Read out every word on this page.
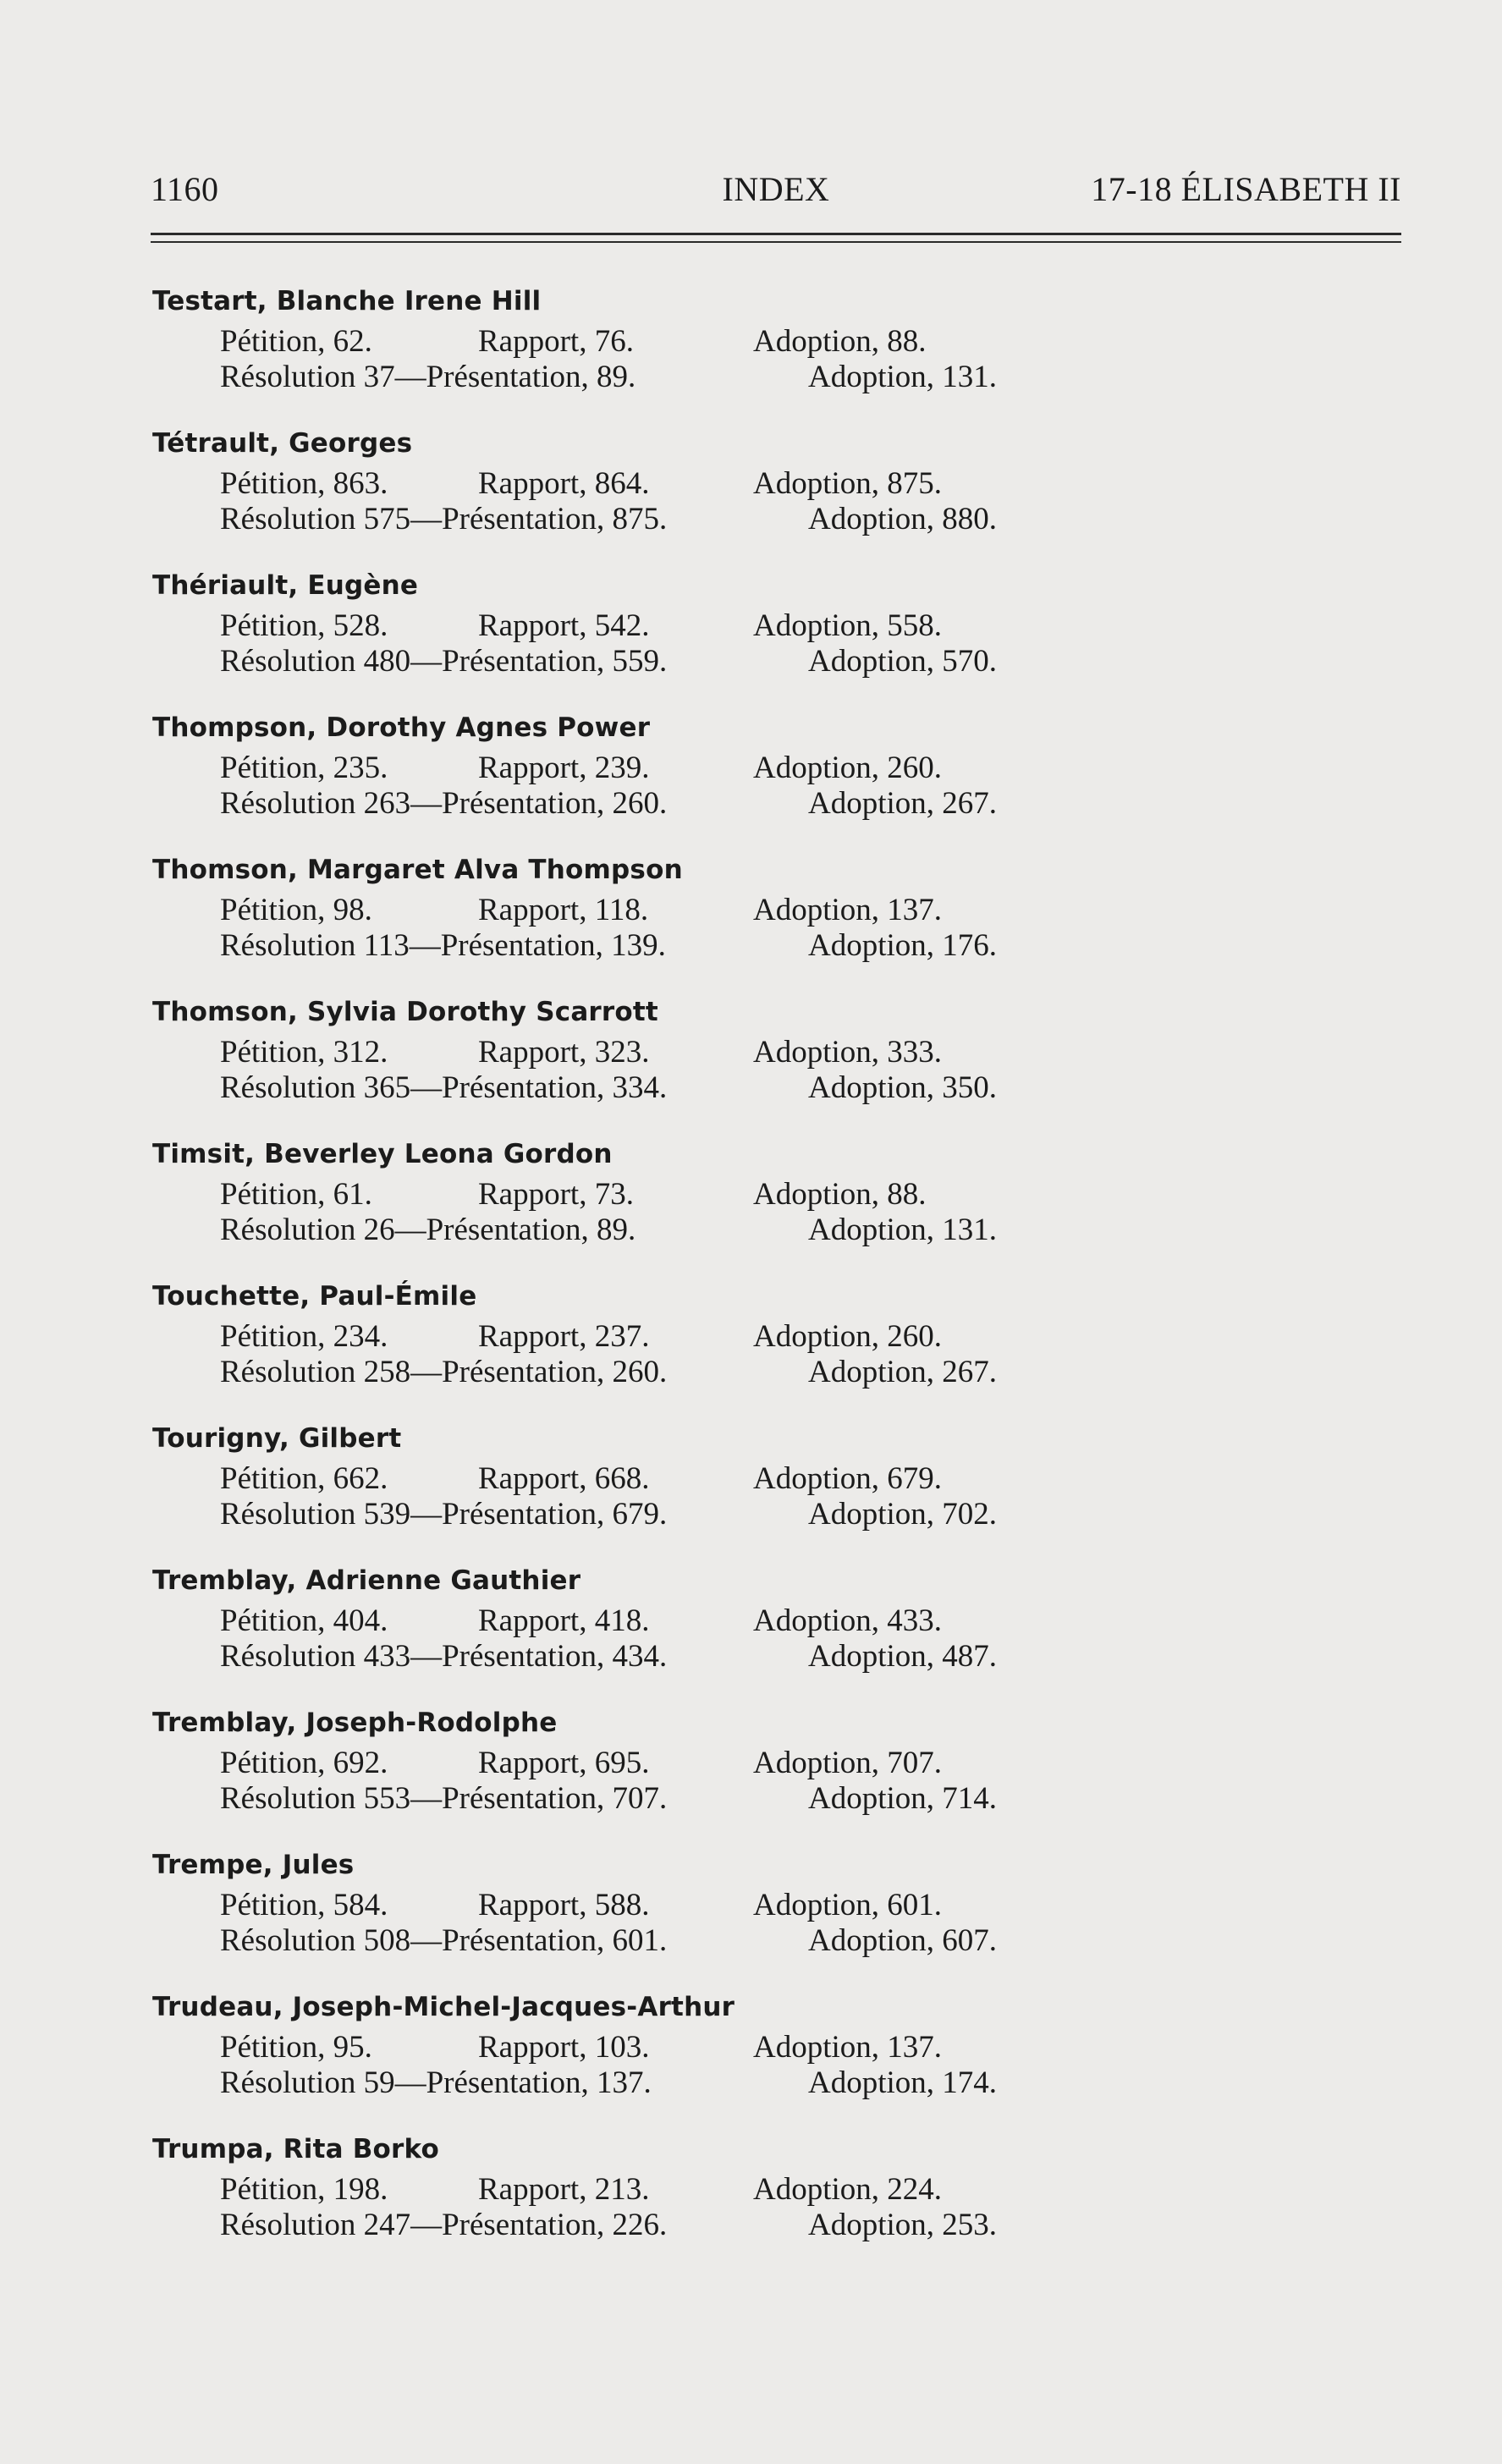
1160	INDEX	17-18 ÉLISABETH II
Testart, Blanche Irene Hill
Pétition, 62.	Rapport, 76.	Adoption, 88.
Résolution 37—Présentation, 89.	Adoption, 131.
Tétrault, Georges
Pétition, 863.	Rapport, 864.	Adoption, 875.
Résolution 575—Présentation, 875.	Adoption, 880.
Thériault, Eugène
Pétition, 528.	Rapport, 542.	Adoption, 558.
Résolution 480—Présentation, 559.	Adoption, 570.
Thompson, Dorothy Agnes Power
Pétition, 235.	Rapport, 239.	Adoption, 260.
Résolution 263—Présentation, 260.	Adoption, 267.
Thomson, Margaret Alva Thompson
Pétition, 98.	Rapport, 118.	Adoption, 137.
Résolution 113—Présentation, 139.	Adoption, 176.
Thomson, Sylvia Dorothy Scarrott
Pétition, 312.	Rapport, 323.	Adoption, 333.
Résolution 365—Présentation, 334.	Adoption, 350.
Timsit, Beverley Leona Gordon
Pétition, 61.	Rapport, 73.	Adoption, 88.
Résolution 26—Présentation, 89.	Adoption, 131.
Touchette, Paul-Émile
Pétition, 234.	Rapport, 237.	Adoption, 260.
Résolution 258—Présentation, 260.	Adoption, 267.
Tourigny, Gilbert
Pétition, 662.	Rapport, 668.	Adoption, 679.
Résolution 539—Présentation, 679.	Adoption, 702.
Tremblay, Adrienne Gauthier
Pétition, 404.	Rapport, 418.	Adoption, 433.
Résolution 433—Présentation, 434.	Adoption, 487.
Tremblay, Joseph-Rodolphe
Pétition, 692.	Rapport, 695.	Adoption, 707.
Résolution 553—Présentation, 707.	Adoption, 714.
Trempe, Jules
Pétition, 584.	Rapport, 588.	Adoption, 601.
Résolution 508—Présentation, 601.	Adoption, 607.
Trudeau, Joseph-Michel-Jacques-Arthur
Pétition, 95.	Rapport, 103.	Adoption, 137.
Résolution 59—Présentation, 137.	Adoption, 174.
Trumpa, Rita Borko
Pétition, 198.	Rapport, 213.	Adoption, 224.
Résolution 247—Présentation, 226.	Adoption, 253.
